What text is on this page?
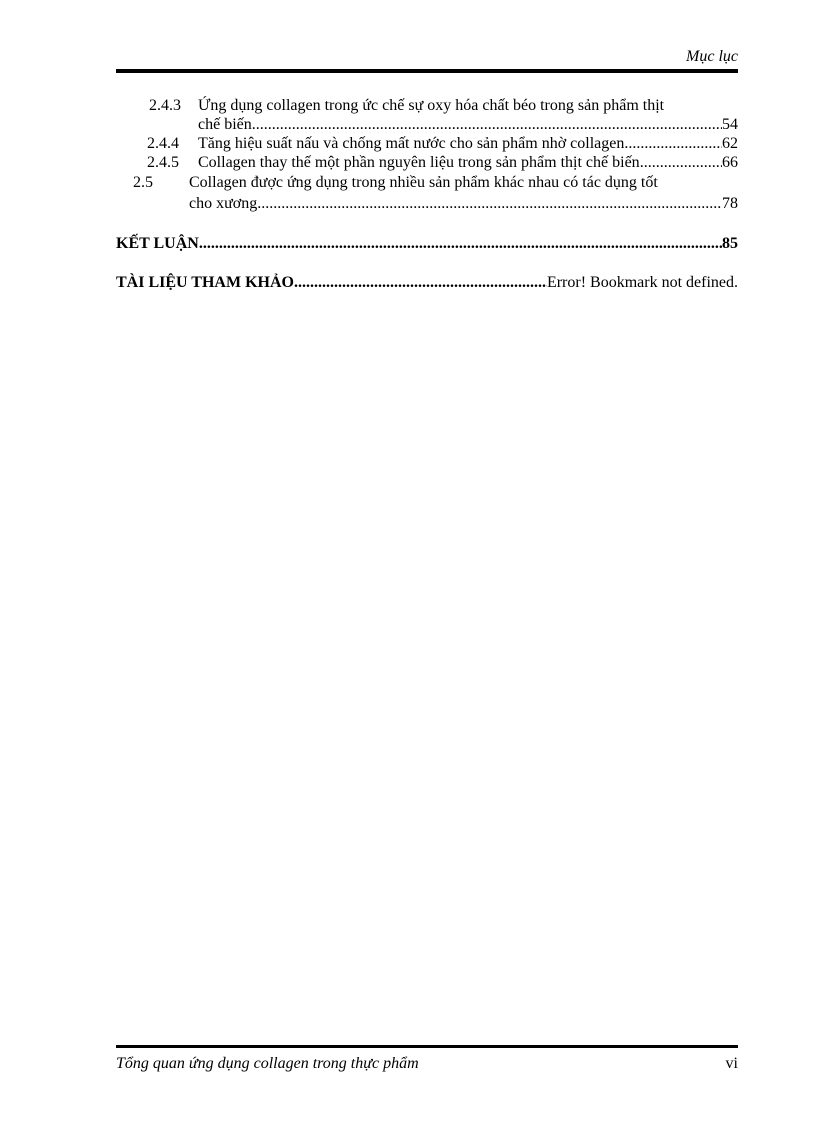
Mục lục
2.4.3 Ứng dụng collagen trong ức chế sự oxy hóa chất béo trong sản phẩm thịt
chế biến .....	54
2.4.4 Tăng hiệu suất nấu và chống mất nước cho sản phẩm nhờ collagen .....	62
2.4.5 Collagen thay thế một phần nguyên liệu trong sản phẩm thịt chế biến .....	66
2.5 Collagen được ứng dụng trong nhiều sản phẩm khác nhau có tác dụng tốt
cho xương .....	78
KẾT LUẬN .....	85
TÀI LIỆU THAM KHẢO .....	Error! Bookmark not defined.
Tổng quan ứng dụng collagen trong thực phẩm	vi
